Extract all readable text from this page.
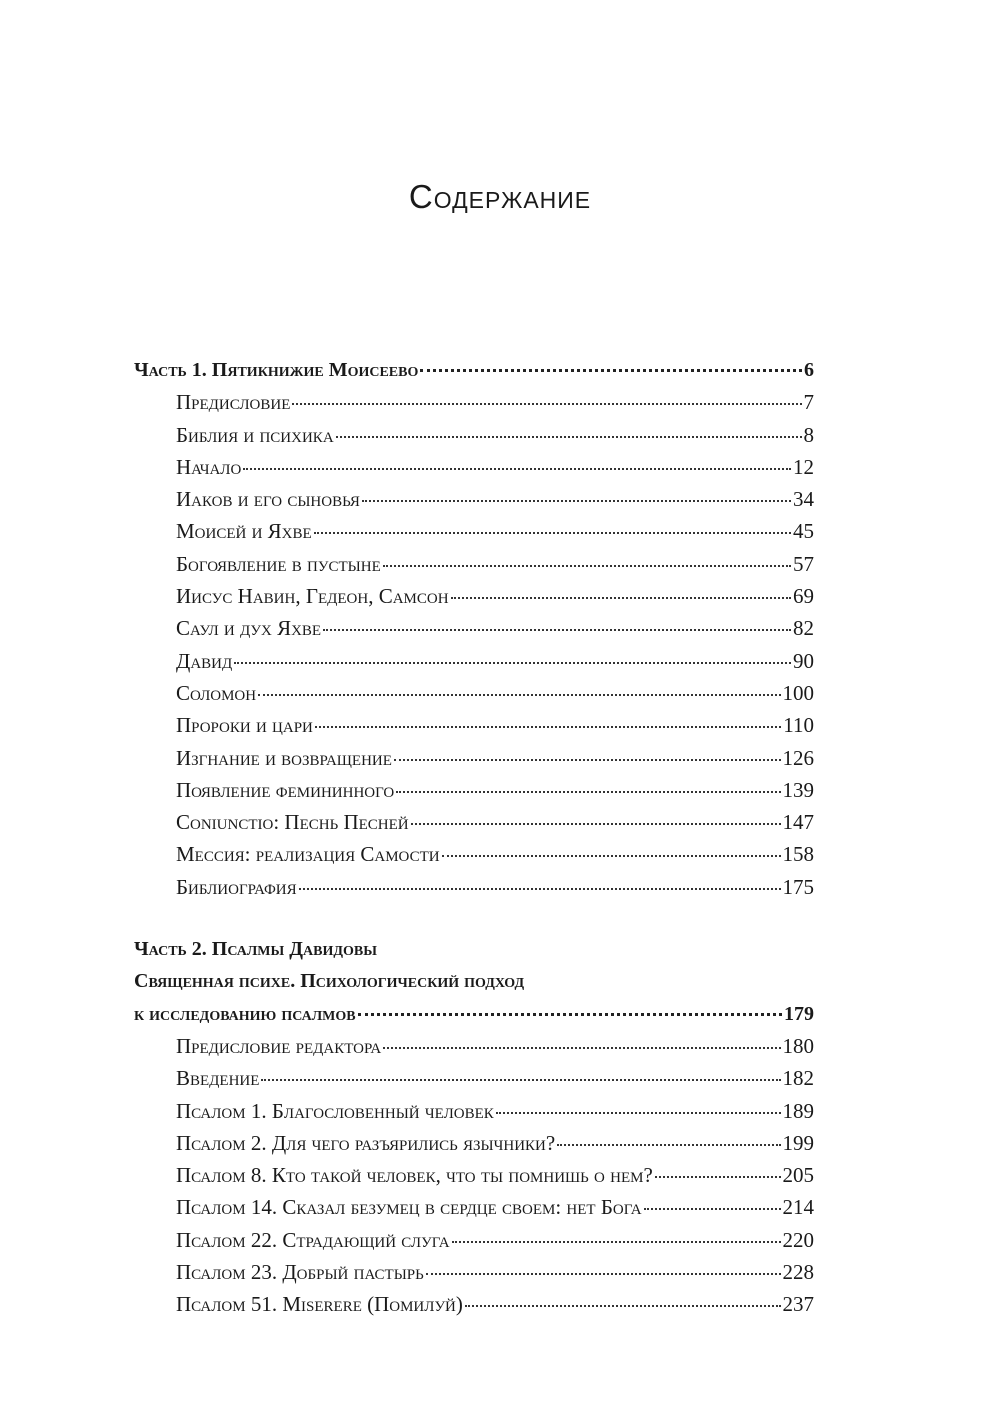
Содержание
Часть 1. Пятикнижие Моисеево	6
Предисловие	7
Библия и психика	8
Начало	12
Иаков и его сыновья	34
Моисей и Яхве	45
Богоявление в пустыне	57
Иисус Навин, Гедеон, Самсон	69
Саул и дух Яхве	82
Давид	90
Соломон	100
Пророки и цари	110
Изгнание и возвращение	126
Появление фемининного	139
Coniunctio: Песнь Песней	147
Мессия: реализация Самости	158
Библиография	175
Часть 2. Псалмы Давидовы
Священная психе. Психологический подход
к исследованию псалмов	179
Предисловие редактора	180
Введение	182
Псалом 1. Благословенный человек	189
Псалом 2. Для чего разъярились язычники?	199
Псалом 8. Кто такой человек, что ты помнишь о нем?	205
Псалом 14. Сказал безумец в сердце своем: нет Бога	214
Псалом 22. Страдающий слуга	220
Псалом 23. Добрый пастырь	228
Псалом 51. Miserere (Помилуй)	237
